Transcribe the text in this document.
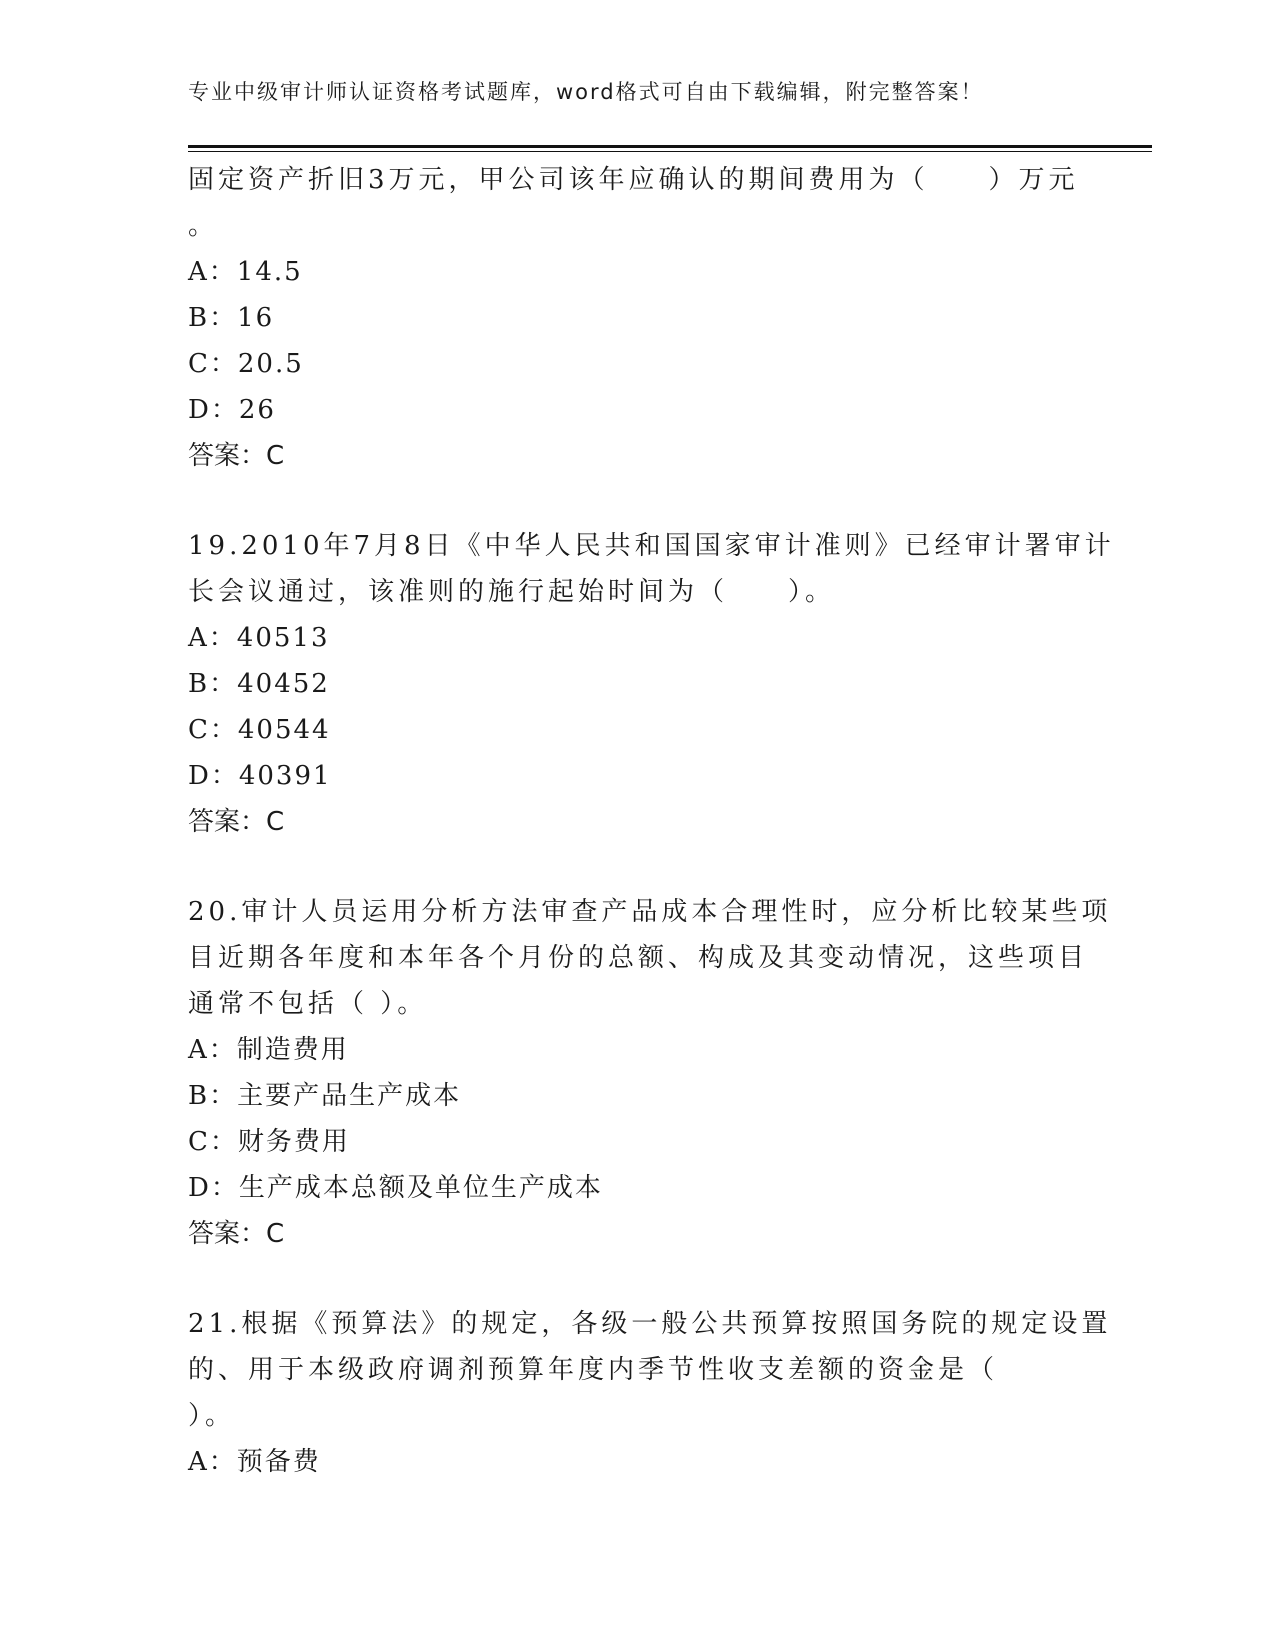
专业中级审计师认证资格考试题库，word格式可自由下载编辑，附完整答案！
固定资产折旧3万元，甲公司该年应确认的期间费用为（　　）万元
。
A：14.5
B：16
C：20.5
D：26
答案：C
19.2010年7月8日《中华人民共和国国家审计准则》已经审计署审计
长会议通过，该准则的施行起始时间为（　　）。
A：40513
B：40452
C：40544
D：40391
答案：C
20.审计人员运用分析方法审查产品成本合理性时，应分析比较某些项
目近期各年度和本年各个月份的总额、构成及其变动情况，这些项目
通常不包括（ ）。
A：制造费用
B：主要产品生产成本
C：财务费用
D：生产成本总额及单位生产成本
答案：C
21.根据《预算法》的规定，各级一般公共预算按照国务院的规定设置
的、用于本级政府调剂预算年度内季节性收支差额的资金是（
）。
A：预备费
